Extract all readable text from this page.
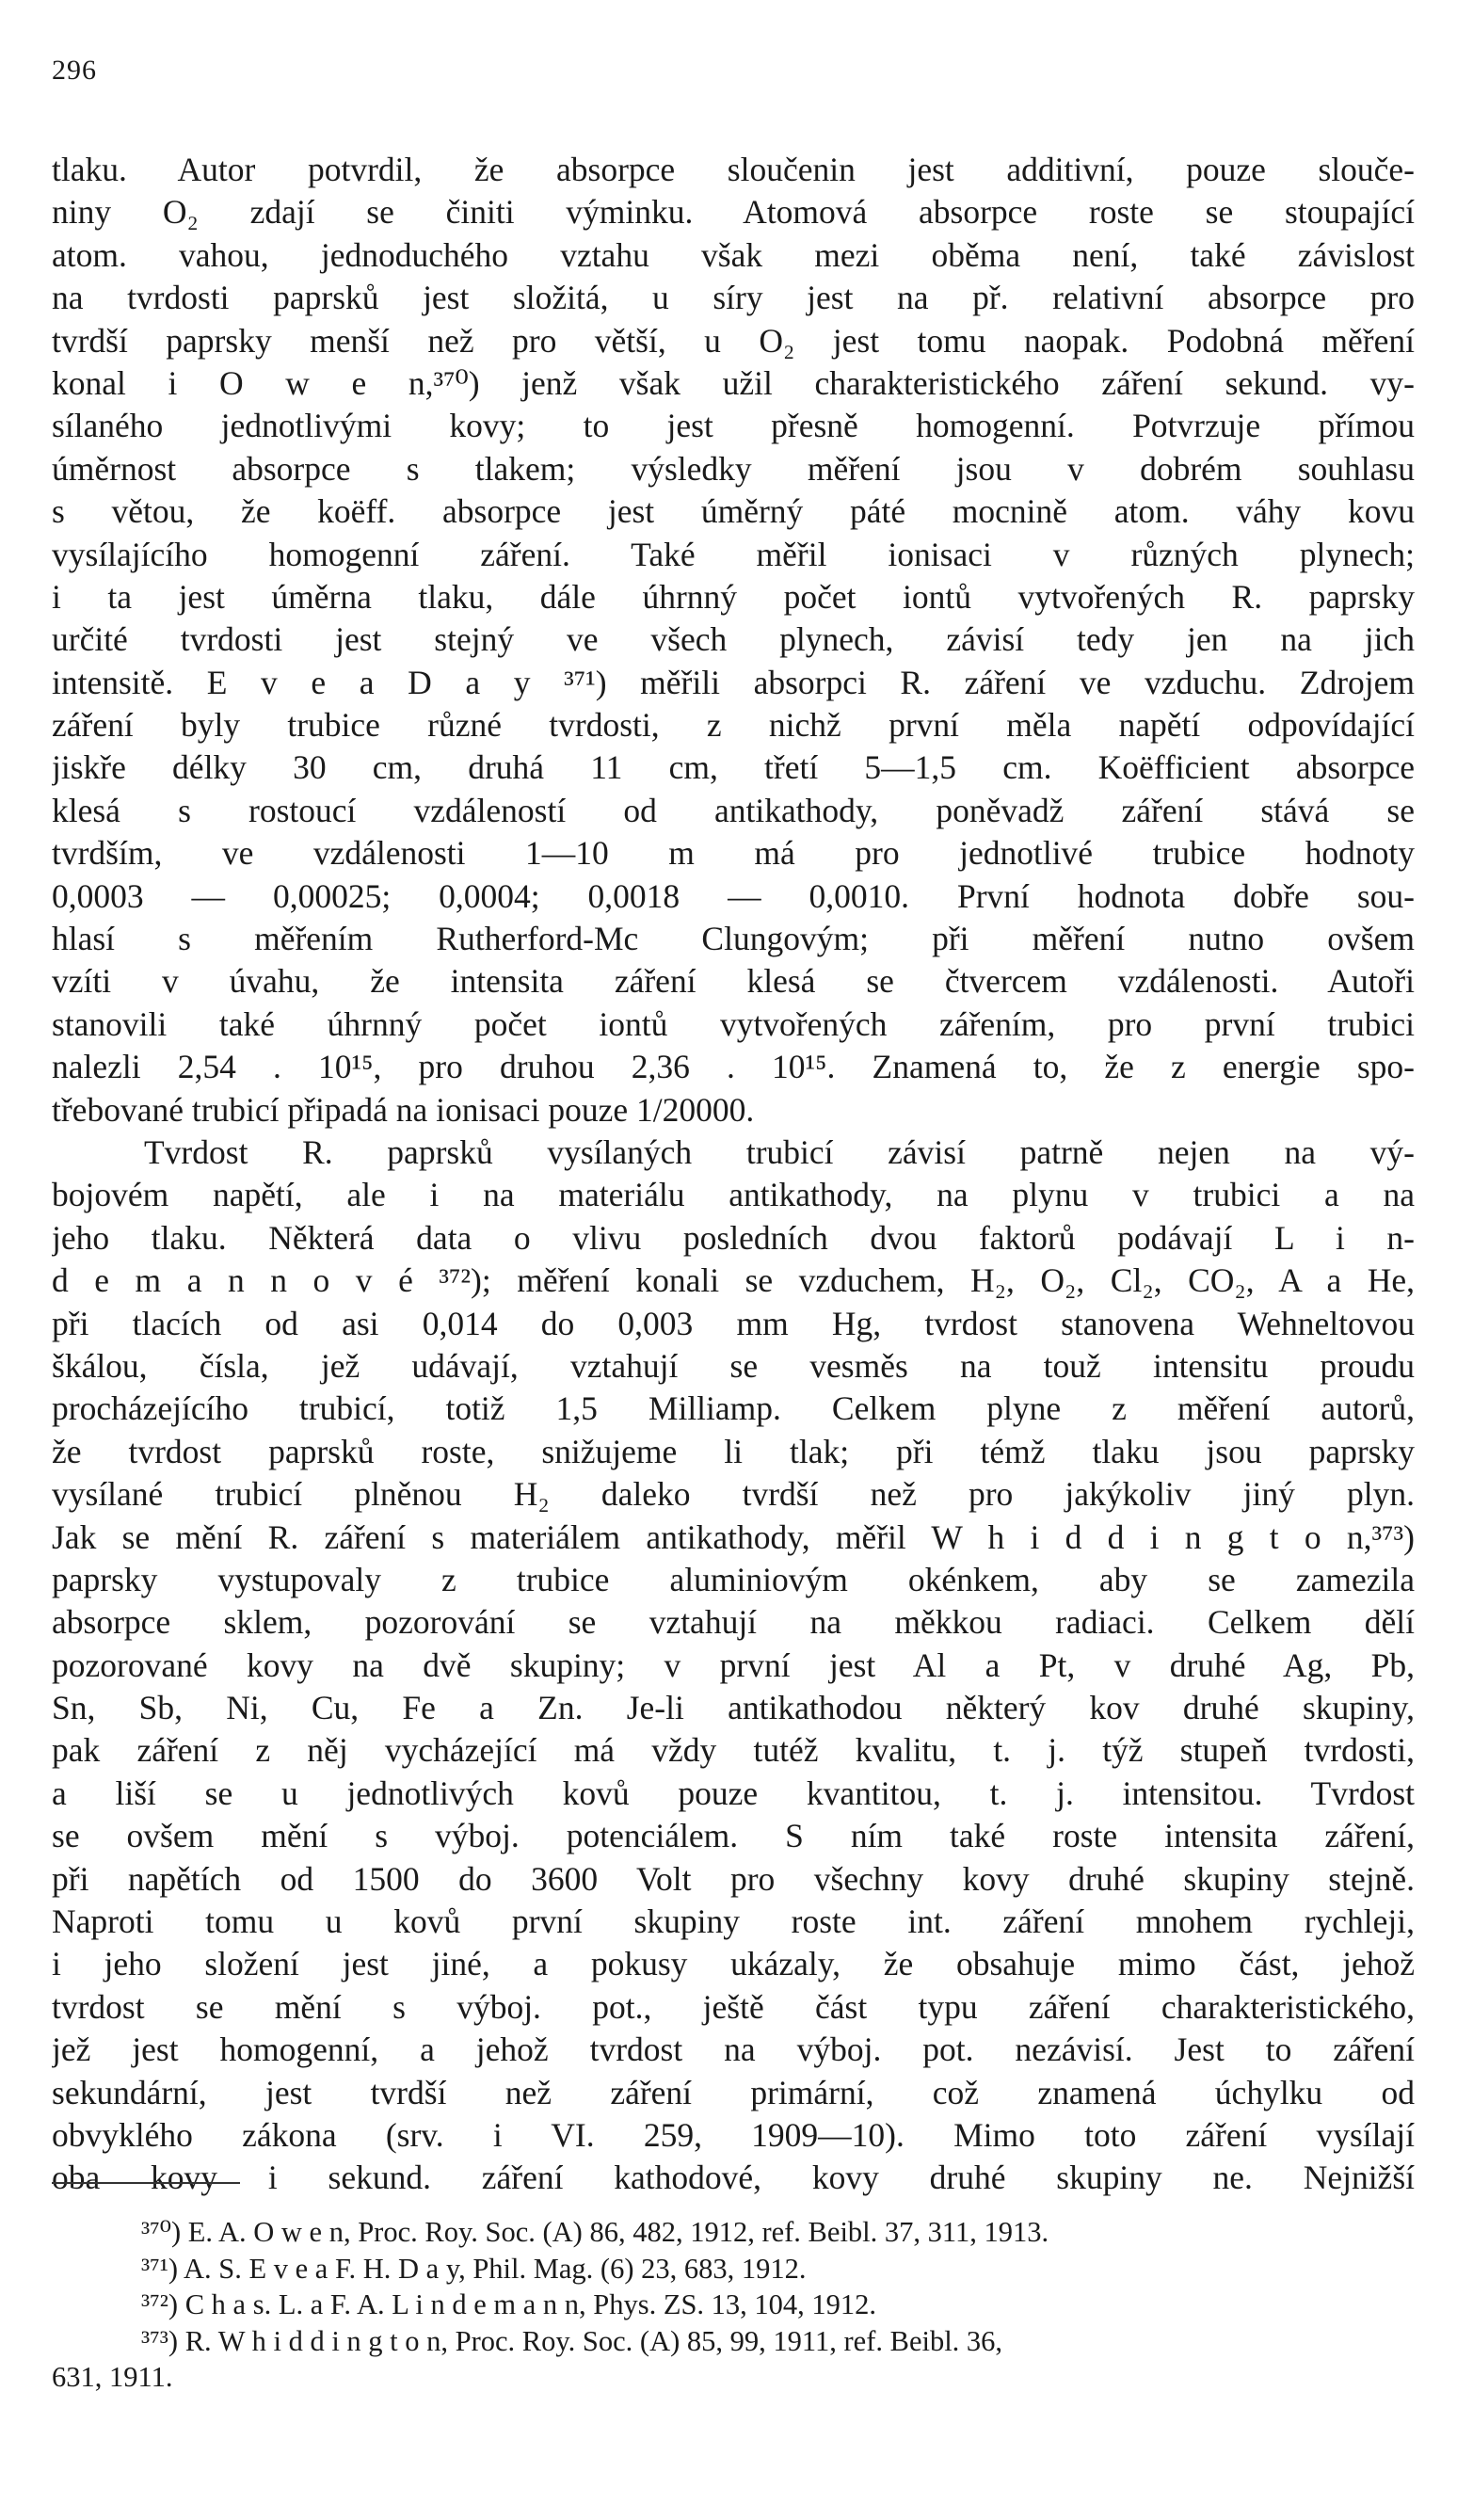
296
tlaku. Autor potvrdil, že absorpce sloučenin jest additivní, pouze slouče-
niny O₂ zdají se činiti výminku. Atomová absorpce roste se stoupající
atom. vahou, jednoduchého vztahu však mezi oběma není, také závislost
na tvrdosti paprsků jest složitá, u síry jest na př. relativní absorpce pro
tvrdší paprsky menší než pro větší, u O₂ jest tomu naopak. Podobná měření
konal i O w e n,³⁷⁰) jenž však užil charakteristického záření sekund. vy-
sílaného jednotlivými kovy; to jest přesně homogenní. Potvrzuje přímou
úměrnost absorpce s tlakem; výsledky měření jsou v dobrém souhlasu
s větou, že koëff. absorpce jest úměrný páté mocnině atom. váhy kovu
vysílajícího homogenní záření. Také měřil ionisaci v různých plynech;
i ta jest úměrna tlaku, dále úhrnný počet iontů vytvořených R. paprsky
určité tvrdosti jest stejný ve všech plynech, závisí tedy jen na jich
intensitě. E v e a D a y ³⁷¹) měřili absorpci R. záření ve vzduchu. Zdrojem
záření byly trubice různé tvrdosti, z nichž první měla napětí odpovídající
jiskře délky 30 cm, druhá 11 cm, třetí 5—1,5 cm. Koëfficient absorpce
klesá s rostoucí vzdáleností od antikathody, poněvadž záření stává se
tvrdším, ve vzdálenosti 1—10 m má pro jednotlivé trubice hodnoty
0,0003 — 0,00025; 0,0004; 0,0018 — 0,0010. První hodnota dobře sou-
hlasí s měřením Rutherford-Mc Clungovým; při měření nutno ovšem
vzíti v úvahu, že intensita záření klesá se čtvercem vzdálenosti. Autoři
stanovili také úhrnný počet iontů vytvořených zářením, pro první trubici
nalezli 2,54 . 10¹⁵, pro druhou 2,36 . 10¹⁵. Znamená to, že z energie spo-
třebované trubicí připadá na ionisaci pouze 1/20000.
Tvrdost R. paprsků vysílaných trubicí závisí patrně nejen na vý-
bojovém napětí, ale i na materiálu antikathody, na plynu v trubici a na
jeho tlaku. Některá data o vlivu posledních dvou faktorů podávají L i n-
d e m a n n o v é ³⁷²); měření konali se vzduchem, H₂, O₂, Cl₂, CO₂, A a He,
při tlacích od asi 0,014 do 0,003 mm Hg, tvrdost stanovena Wehneltovou
škálou, čísla, jež udávají, vztahují se vesměs na touž intensitu proudu
procházejícího trubicí, totiž 1,5 Milliamp. Celkem plyne z měření autorů,
že tvrdost paprsků roste, snižujeme li tlak; při témž tlaku jsou paprsky
vysílané trubicí plněnou H₂ daleko tvrdší než pro jakýkoliv jiný plyn.
Jak se mění R. záření s materiálem antikathody, měřil W h i d d i n g t o n,³⁷³)
paprsky vystupovaly z trubice aluminiovým okénkem, aby se zamezila
absorpce sklem, pozorování se vztahují na měkkou radiaci. Celkem dělí
pozorované kovy na dvě skupiny; v první jest Al a Pt, v druhé Ag, Pb,
Sn, Sb, Ni, Cu, Fe a Zn. Je-li antikathodou některý kov druhé skupiny,
pak záření z něj vycházející má vždy tutéž kvalitu, t. j. týž stupeň tvrdosti,
a liší se u jednotlivých kovů pouze kvantitou, t. j. intensitou. Tvrdost
se ovšem mění s výboj. potenciálem. S ním také roste intensita záření,
při napětích od 1500 do 3600 Volt pro všechny kovy druhé skupiny stejně.
Naproti tomu u kovů první skupiny roste int. záření mnohem rychleji,
i jeho složení jest jiné, a pokusy ukázaly, že obsahuje mimo část, jehož
tvrdost se mění s výboj. pot., ještě část typu záření charakteristického,
jež jest homogenní, a jehož tvrdost na výboj. pot. nezávisí. Jest to záření
sekundární, jest tvrdší než záření primární, což znamená úchylku od
obvyklého zákona (srv. i VI. 259, 1909—10). Mimo toto záření vysílají
oba kovy i sekund. záření kathodové, kovy druhé skupiny ne. Nejnižší
³⁷⁰) E. A. O w e n, Proc. Roy. Soc. (A) 86, 482, 1912, ref. Beibl. 37, 311, 1913.
³⁷¹) A. S. E v e a F. H. D a y, Phil. Mag. (6) 23, 683, 1912.
³⁷²) C h a s. L. a F. A. L i n d e m a n n, Phys. ZS. 13, 104, 1912.
³⁷³) R. W h i d d i n g t o n, Proc. Roy. Soc. (A) 85, 99, 1911, ref. Beibl. 36,
631, 1911.
